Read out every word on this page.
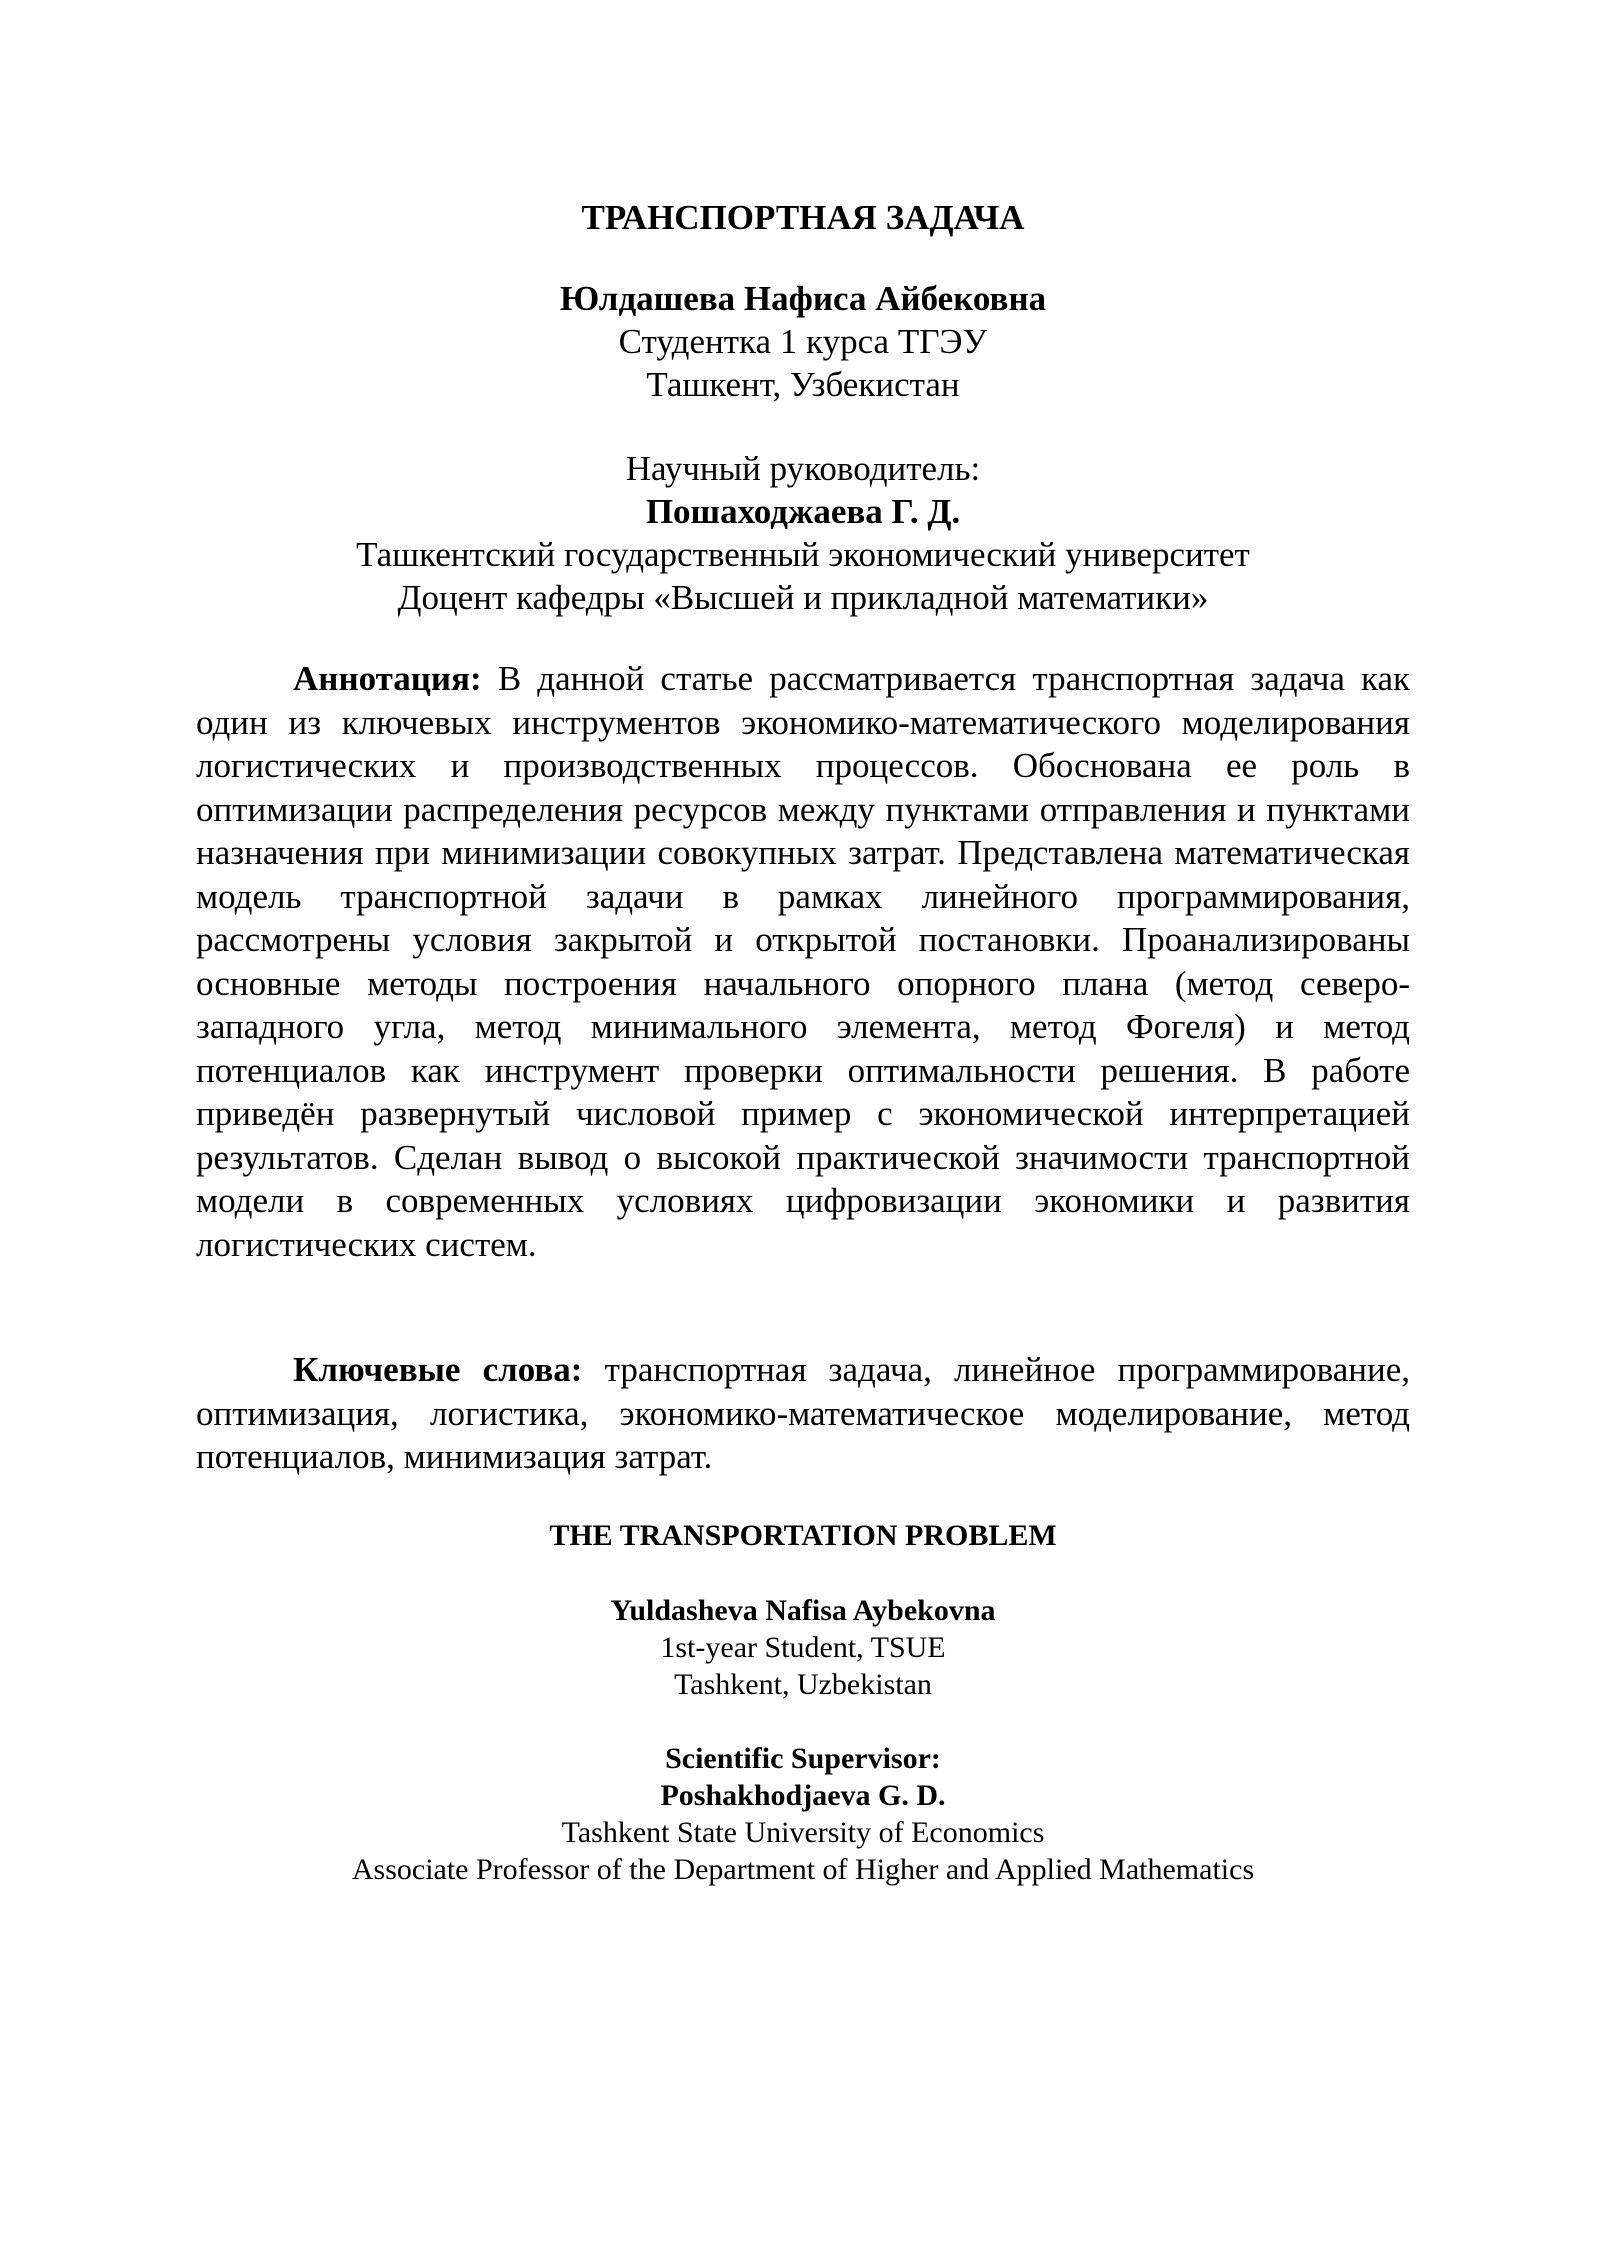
ТРАНСПОРТНАЯ ЗАДАЧА
Юлдашева Нафиса Айбековна
Студентка 1 курса ТГЭУ
Ташкент, Узбекистан
Научный руководитель:
Пошаходжаева Г. Д.
Ташкентский государственный экономический университет
Доцент кафедры «Высшей и прикладной математики»

Аннотация: В данной статье рассматривается транспортная задача как один из ключевых инструментов экономико-математического моделирования логистических и производственных процессов. Обоснована ее роль в оптимизации распределения ресурсов между пунктами отправления и пунктами назначения при минимизации совокупных затрат. Представлена математическая модель транспортной задачи в рамках линейного программирования, рассмотрены условия закрытой и открытой постановки. Проанализированы основные методы построения начального опорного плана (метод северо-западного угла, метод минимального элемента, метод Фогеля) и метод потенциалов как инструмент проверки оптимальности решения. В работе приведён развернутый числовой пример с экономической интерпретацией результатов. Сделан вывод о высокой практической значимости транспортной модели в современных условиях цифровизации экономики и развития логистических систем.

Ключевые слова: транспортная задача, линейное программирование, оптимизация, логистика, экономико-математическое моделирование, метод потенциалов, минимизация затрат.

THE TRANSPORTATION PROBLEM
Yuldasheva Nafisa Aybekovna
1st-year Student, TSUE
Tashkent, Uzbekistan
Scientific Supervisor:
Poshakhodjaeva G. D.
Tashkent State University of Economics
Associate Professor of the Department of Higher and Applied Mathematics
